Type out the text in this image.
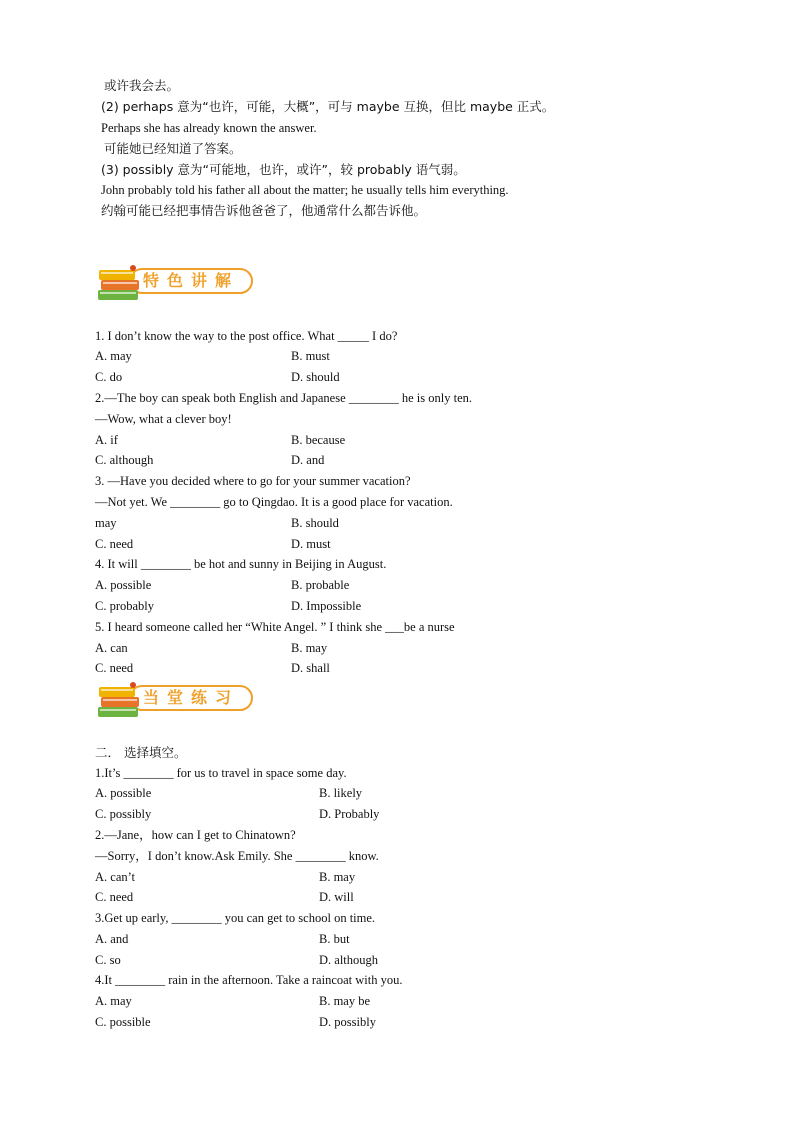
或许我会去。
(2) perhaps 意为“也许，可能，大概”，可与 maybe 互换，但比 maybe 正式。
Perhaps she has already known the answer.
可能她已经知道了答案。
(3) possibly 意为“可能地，也许，或许”，较 probably 语气弱。
John probably told his father all about the matter; he usually tells him everything.
约翰可能已经把事情告诉他爸爸了，他通常什么都告诉他。
特色讲解
1. I don’t know the way to the post office. What _____ I do?
A. may	B. must
C. do	D. should
2.—The boy can speak both English and Japanese ________ he is only ten.
—Wow, what a clever boy!
A. if	B. because
C. although	D. and
3. —Have you decided where to go for your summer vacation?
—Not yet. We ________ go to Qingdao. It is a good place for vacation.
may	B. should
C. need	D. must
4. It will ________ be hot and sunny in Beijing in August.
A. possible	B. probable
C. probably	D. Impossible
5. I heard someone called her “White Angel. ” I think she ___be a nurse
A. can	B. may
C. need	D. shall
当堂练习
二． 选择填空。
1.It’s ________ for us to travel in space some day.
A. possible	B. likely
C. possibly	D. Probably
2.—Jane，how can I get to Chinatown?
—Sorry，I don’t know.Ask Emily. She ________ know.
A. can’t	B. may
C. need	D. will
3.Get up early, ________ you can get to school on time.
A. and	B. but
C. so	D. although
4.It ________ rain in the afternoon. Take a raincoat with you.
A. may	B. may be
C. possible	D. possibly
